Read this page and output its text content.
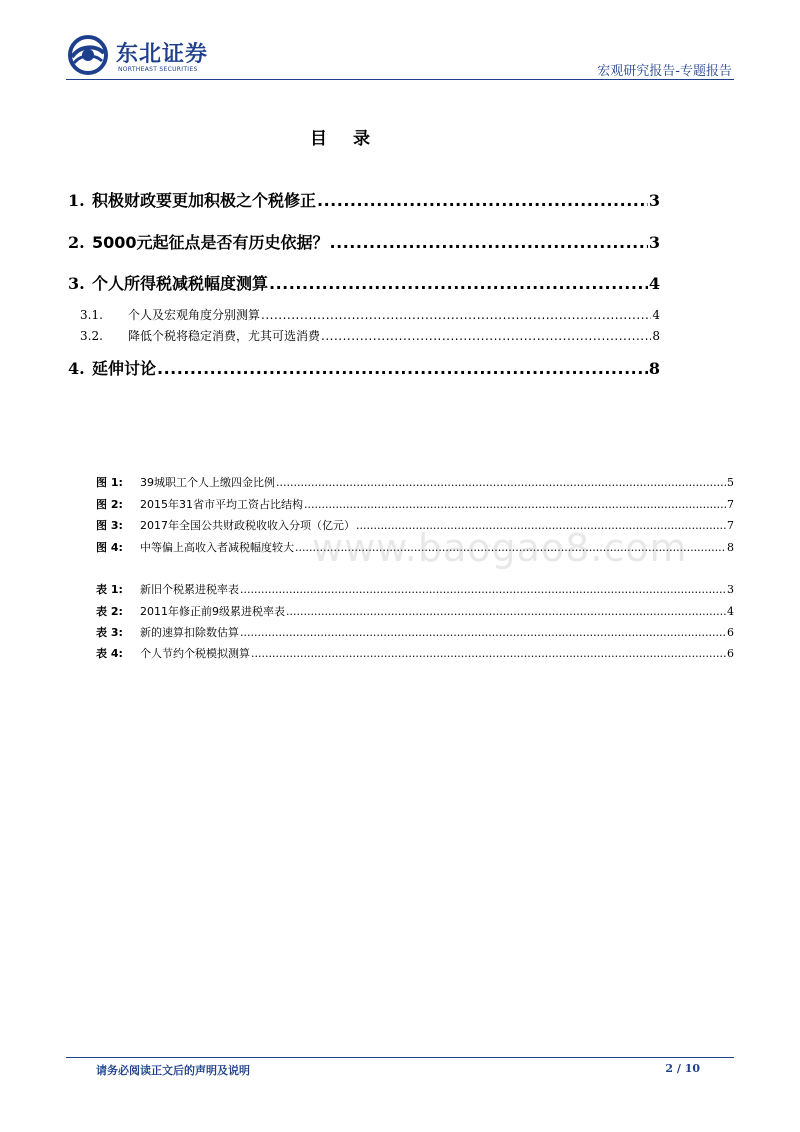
东北证券
NORTHEAST SECURITIES	宏观研究报告-专题报告
目 录
1. 积极财政要更加积极之个税修正 .....	3
2. 5000元起征点是否有历史依据？ .....	3
3. 个人所得税减税幅度测算 .....	4
3.1.	个人及宏观角度分别测算 .....	4
3.2.	降低个税将稳定消费，尤其可选消费 .....	8
4. 延伸讨论 .....	8
图 1:	39城职工个人上缴四金比例 .....	5
图 2:	2015年31省市平均工资占比结构 .....	7
图 3:	2017年全国公共财政税收收入分项（亿元） .....	7
图 4:	中等偏上高收入者减税幅度较大 .....	8
表 1:	新旧个税累进税率表 .....	3
表 2:	2011年修正前9级累进税率表 .....	4
表 3:	新的速算扣除数估算 .....	6
表 4:	个人节约个税模拟测算 .....	6
www.baogao8.com
请务必阅读正文后的声明及说明	2 / 10
